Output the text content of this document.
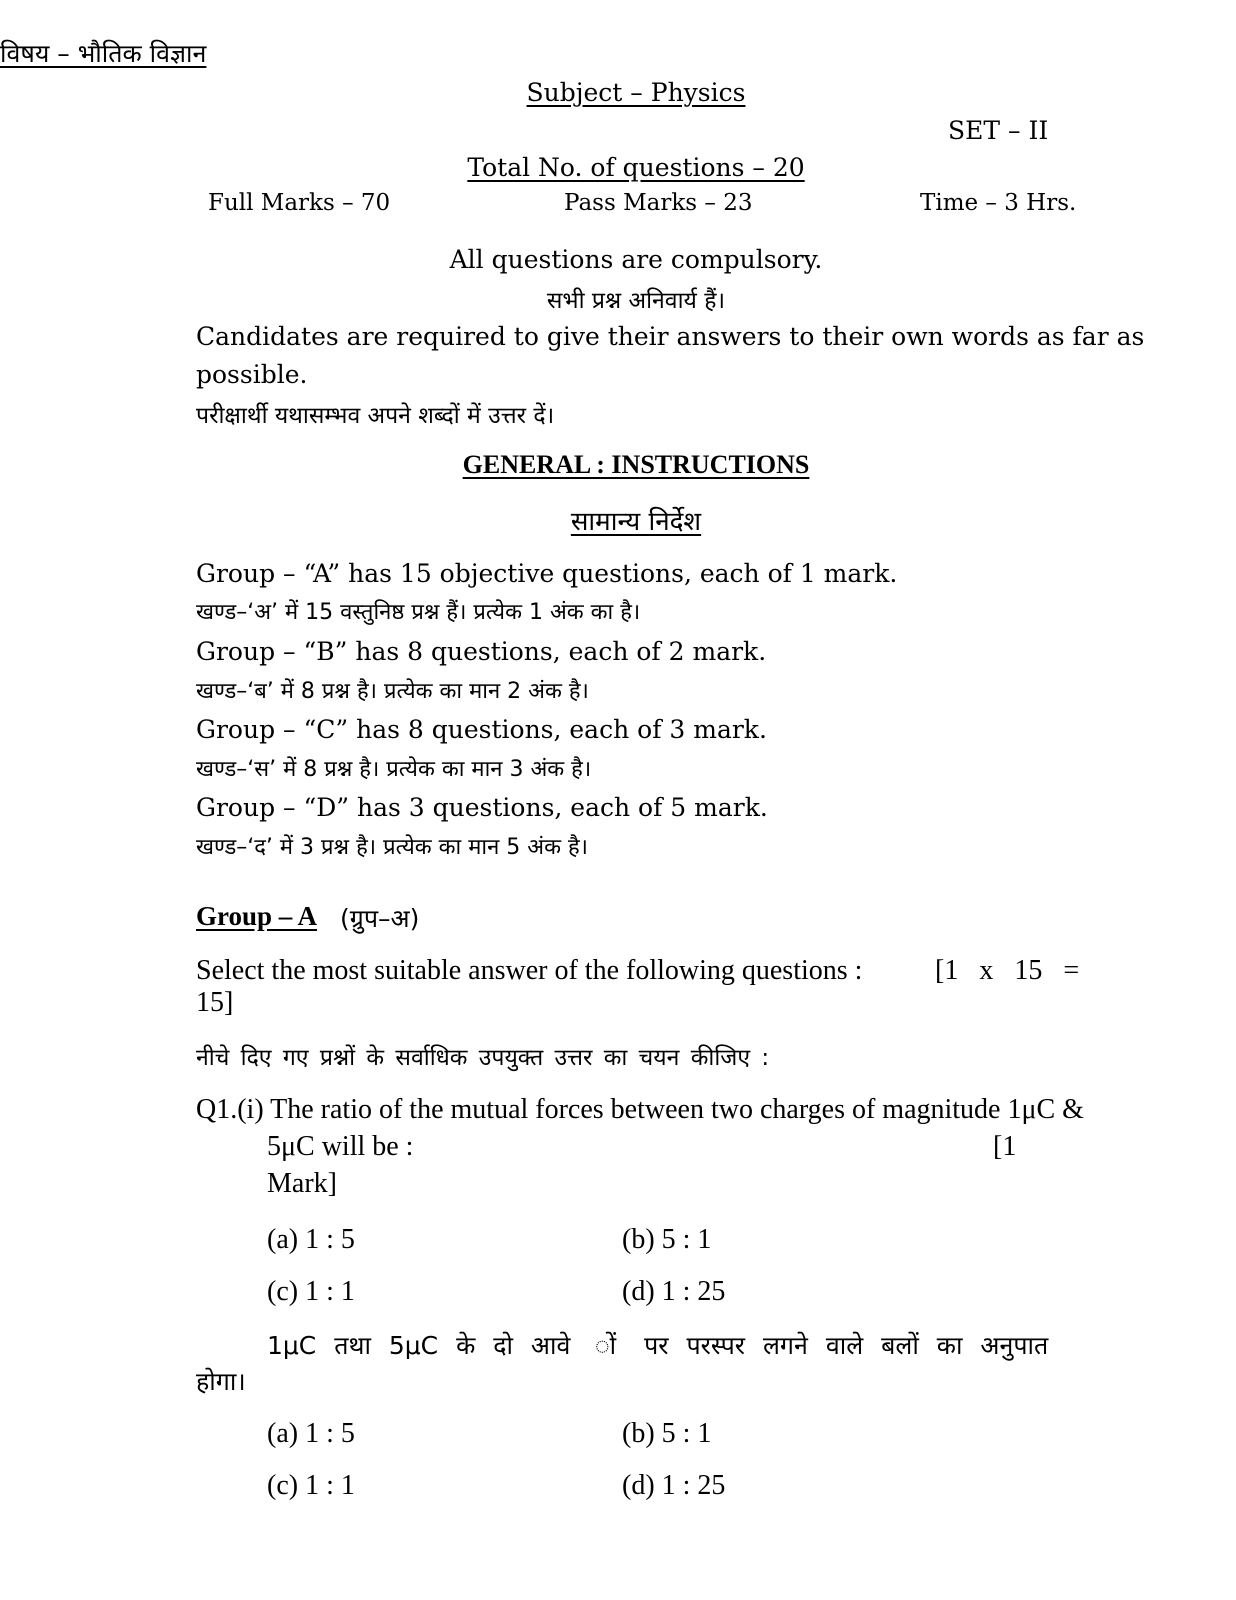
विषय – भौतिक विज्ञान
Subject – Physics
SET – II
Total No. of questions – 20
Full Marks – 70	Pass Marks – 23	Time – 3 Hrs.
All questions are compulsory.
सभी प्रश्न अनिवार्य हैं।
Candidates are required to give their answers to their own words as far as
possible.
परीक्षार्थी यथासम्भव अपने शब्दों में उत्तर दें।
GENERAL : INSTRUCTIONS
सामान्य निर्देश
Group – “A” has 15 objective questions, each of 1 mark.
खण्ड–‘अ’ में 15 वस्तुनिष्ठ प्रश्न हैं। प्रत्येक 1 अंक का है।
Group – “B” has 8 questions, each of 2 mark.
खण्ड–‘ब’ में 8 प्रश्न है। प्रत्येक का मान 2 अंक है।
Group – “C” has 8 questions, each of 3 mark.
खण्ड–‘स’ में 8 प्रश्न है। प्रत्येक का मान 3 अंक है।
Group – “D” has 3 questions, each of 5 mark.
खण्ड–‘द’ में 3 प्रश्न है। प्रत्येक का मान 5 अंक है।
Group – A (ग्रुप–अ)
Select the most suitable answer of the following questions :	[1   x   15   =
15]
नीचे दिए गए प्रश्नों के सर्वाधिक उपयुक्त उत्तर का चयन कीजिए :
Q1.(i) The ratio of the mutual forces between two charges of magnitude 1μC &
5μC will be :	[1
Mark]
(a) 1 : 5	(b) 5 : 1
(c) 1 : 1	(d) 1 : 25
1μC तथा 5μC के दो आवे  ों पर परस्पर लगने वाले बलों का अनुपात
होगा।
(a) 1 : 5	(b) 5 : 1
(c) 1 : 1	(d) 1 : 25
